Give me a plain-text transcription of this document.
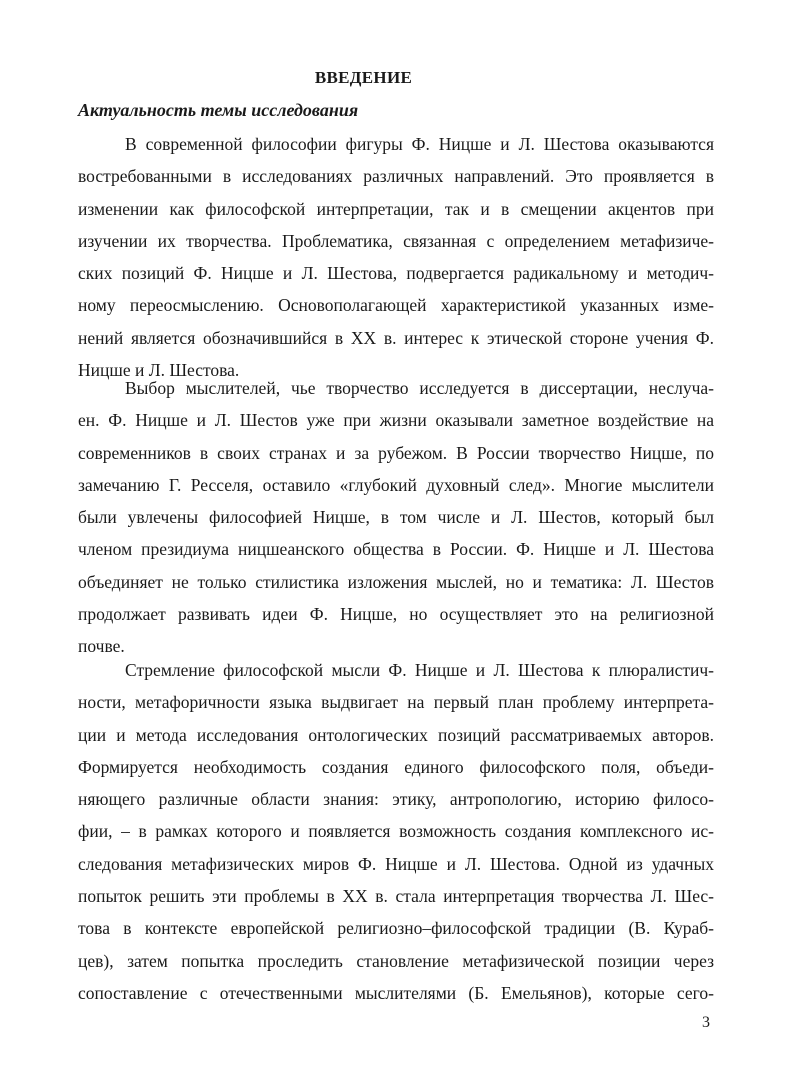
ВВЕДЕНИЕ
Актуальность темы исследования
В современной философии фигуры Ф. Ницше и Л. Шестова оказываются
востребованными в исследованиях различных направлений. Это проявляется в
изменении как философской интерпретации, так и в смещении акцентов при
изучении их творчества. Проблематика, связанная с определением метафизиче-
ских позиций Ф. Ницше и Л. Шестова, подвергается радикальному и методич-
ному переосмыслению. Основополагающей характеристикой указанных изме-
нений является обозначившийся в XX в. интерес к этической стороне учения Ф.
Ницше и Л. Шестова.
Выбор мыслителей, чье творчество исследуется в диссертации, неслуча-
ен. Ф. Ницше и Л. Шестов уже при жизни оказывали заметное воздействие на
современников в своих странах и за рубежом. В России творчество Ницше, по
замечанию Г. Ресселя, оставило «глубокий духовный след». Многие мыслители
были увлечены философией Ницше, в том числе и Л. Шестов, который был
членом президиума ницшеанского общества в России. Ф. Ницше и Л. Шестова
объединяет не только стилистика изложения мыслей, но и тематика: Л. Шестов
продолжает развивать идеи Ф. Ницше, но осуществляет это на религиозной
почве.
Стремление философской мысли Ф. Ницше и Л. Шестова к плюралистич-
ности, метафоричности языка выдвигает на первый план проблему интерпрета-
ции и метода исследования онтологических позиций рассматриваемых авторов.
Формируется необходимость создания единого философского поля, объеди-
няющего различные области знания: этику, антропологию, историю филосо-
фии, – в рамках которого и появляется возможность создания комплексного ис-
следования метафизических миров Ф. Ницше и Л. Шестова. Одной из удачных
попыток решить эти проблемы в XX в. стала интерпретация творчества Л. Шес-
това в контексте европейской религиозно–философской традиции (В. Кураб-
цев), затем попытка проследить становление метафизической позиции через
сопоставление с отечественными мыслителями (Б. Емельянов), которые сего-
3
